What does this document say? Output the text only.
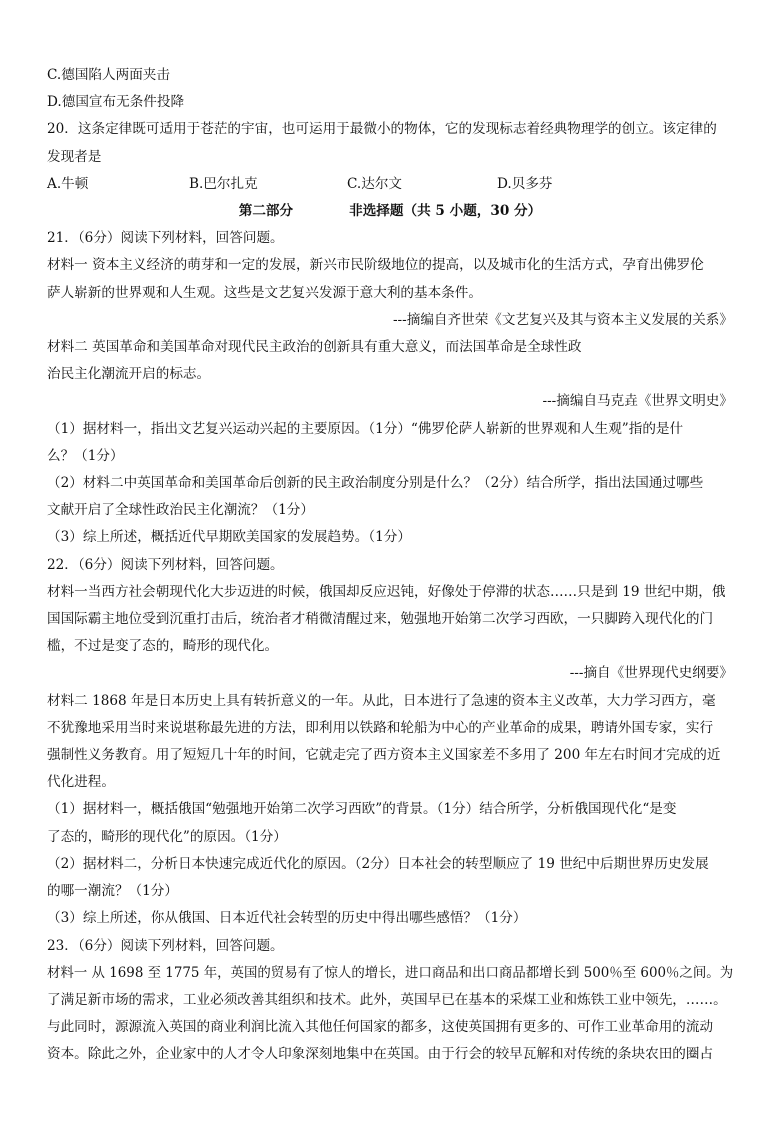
C.德国陷人两面夹击
D.德国宣布无条件投降
20．这条定律既可适用于苍茫的宇宙，也可运用于最微小的物体，它的发现标志着经典物理学的创立。该定律的
发现者是
A.牛顿	B.巴尔扎克	C.达尔文	D.贝多芬
第二部分	非选择题（共 5 小题，30 分）
21．（6分）阅读下列材料，回答问题。
材料一 资本主义经济的萌芽和一定的发展，新兴市民阶级地位的提高，以及城市化的生活方式，孕育出佛罗伦
萨人崭新的世界观和人生观。这些是文艺复兴发源于意大利的基本条件。
---摘编自齐世荣《文艺复兴及其与资本主义发展的关系》
材料二 英国革命和美国革命对现代民主政治的创新具有重大意义，而法国革命是全球性政
治民主化潮流开启的标志。
---摘编自马克垚《世界文明史》
（1）据材料一，指出文艺复兴运动兴起的主要原因。（1分）“佛罗伦萨人崭新的世界观和人生观”指的是什
么？（1分）
（2）材料二中英国革命和美国革命后创新的民主政治制度分别是什么？（2分）结合所学，指出法国通过哪些
文献开启了全球性政治民主化潮流？（1分）
（3）综上所述，概括近代早期欧美国家的发展趋势。（1分）
22．（6分）阅读下列材料，回答问题。
材料一当西方社会朝现代化大步迈进的时候，俄国却反应迟钝，好像处于停滞的状态……只是到 19 世纪中期，俄
国国际霸主地位受到沉重打击后，统治者才稍微清醒过来，勉强地开始第二次学习西欧，一只脚跨入现代化的门
槛，不过是变了态的，畸形的现代化。
---摘自《世界现代史纲要》
材料二 1868 年是日本历史上具有转折意义的一年。从此，日本进行了急速的资本主义改革，大力学习西方，毫
不犹豫地采用当时来说堪称最先进的方法，即利用以铁路和轮船为中心的产业革命的成果，聘请外国专家，实行
强制性义务教育。用了短短几十年的时间，它就走完了西方资本主义国家差不多用了 200 年左右时间才完成的近
代化进程。
（1）据材料一，概括俄国“勉强地开始第二次学习西欧”的背景。（1分）结合所学，分析俄国现代化“是变
了态的，畸形的现代化”的原因。（1分）
（2）据材料二，分析日本快速完成近代化的原因。（2分）日本社会的转型顺应了 19 世纪中后期世界历史发展
的哪一潮流？（1分）
（3）综上所述，你从俄国、日本近代社会转型的历史中得出哪些感悟？（1分）
23．（6分）阅读下列材料，回答问题。
材料一 从 1698 至 1775 年，英国的贸易有了惊人的增长，进口商品和出口商品都增长到 500％至 600％之间。为
了满足新市场的需求，工业必须改善其组织和技术。此外，英国早已在基本的采煤工业和炼铁工业中领先，……。
与此同时，源源流入英国的商业利润比流入其他任何国家的都多，这使英国拥有更多的、可作工业革命用的流动
资本。除此之外，企业家中的人才令人印象深刻地集中在英国。由于行会的较早瓦解和对传统的条块农田的圈占
